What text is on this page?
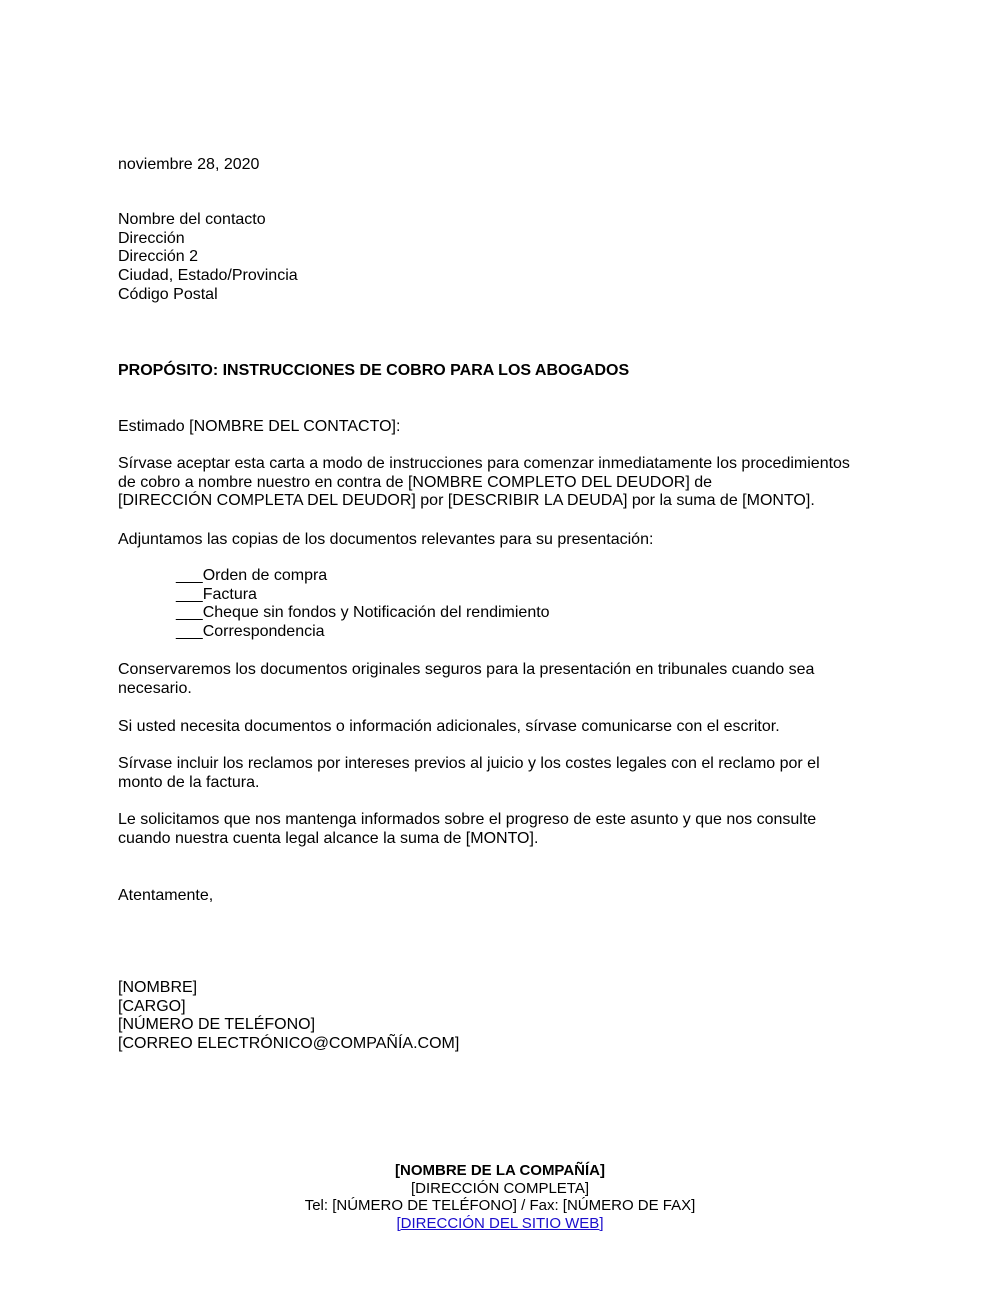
noviembre 28, 2020
Nombre del contacto
Dirección
Dirección 2
Ciudad, Estado/Provincia
Código Postal
PROPÓSITO: INSTRUCCIONES DE COBRO PARA LOS ABOGADOS
Estimado [NOMBRE DEL CONTACTO]:
Sírvase aceptar esta carta a modo de instrucciones para comenzar inmediatamente los procedimientos
de cobro a nombre nuestro en contra de [NOMBRE COMPLETO DEL DEUDOR] de
[DIRECCIÓN COMPLETA DEL DEUDOR] por [DESCRIBIR LA DEUDA] por la suma de [MONTO].
Adjuntamos las copias de los documentos relevantes para su presentación:
___Orden de compra
___Factura
___Cheque sin fondos y Notificación del rendimiento
___Correspondencia
Conservaremos los documentos originales seguros para la presentación en tribunales cuando sea
necesario.
Si usted necesita documentos o información adicionales, sírvase comunicarse con el escritor.
Sírvase incluir los reclamos por intereses previos al juicio y los costes legales con el reclamo por el
monto de la factura.
Le solicitamos que nos mantenga informados sobre el progreso de este asunto y que nos consulte
cuando nuestra cuenta legal alcance la suma de [MONTO].
Atentamente,
[NOMBRE]
[CARGO]
[NÚMERO DE TELÉFONO]
[CORREO ELECTRÓNICO@COMPAÑÍA.COM]
[NOMBRE DE LA COMPAÑÍA]
[DIRECCIÓN COMPLETA]
Tel: [NÚMERO DE TELÉFONO] / Fax: [NÚMERO DE FAX]
[DIRECCIÓN DEL SITIO WEB]
